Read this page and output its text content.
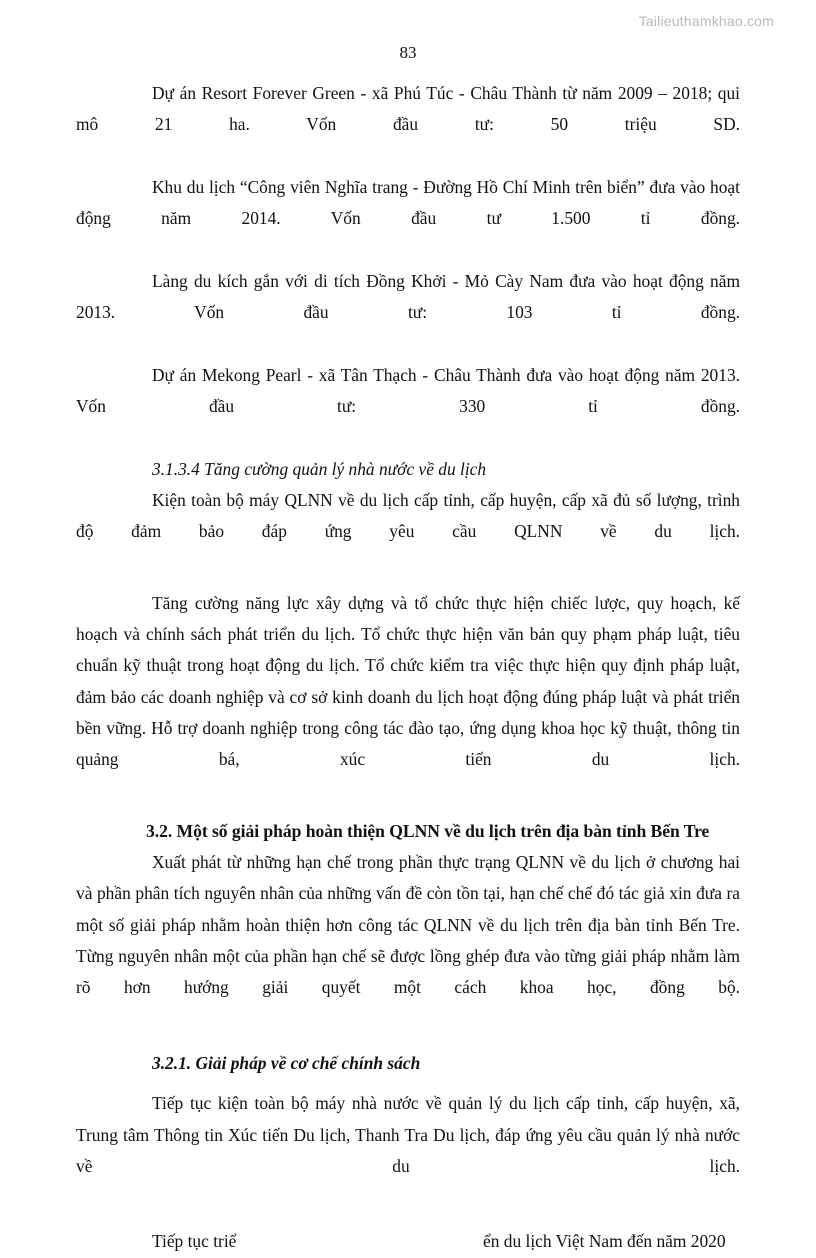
Tailieuthamkhao.com
83

Dự án Resort Forever Green - xã Phú Túc - Châu Thành từ năm 2009 – 2018; qui mô 21 ha. Vốn đầu tư: 50 triệu SD.

Khu du lịch “Công viên Nghĩa trang - Đường Hồ Chí Minh trên biển” đưa vào hoạt động năm 2014. Vốn đầu tư 1.500 tỉ đồng.

Làng du kích gắn với di tích Đồng Khởi - Mỏ Cày Nam đưa vào hoạt động năm 2013. Vốn đầu tư: 103 tỉ đồng.

Dự án Mekong Pearl - xã Tân Thạch - Châu Thành đưa vào hoạt động năm 2013. Vốn đầu tư: 330 tỉ đồng.

3.1.3.4 Tăng cường quản lý nhà nước về du lịch

Kiện toàn bộ máy QLNN về du lịch cấp tỉnh, cấp huyện, cấp xã đủ số lượng, trình độ đảm bảo đáp ứng yêu cầu QLNN về du lịch.

Tăng cường năng lực xây dựng và tổ chức thực hiện chiếc lược, quy hoạch, kế hoạch và chính sách phát triển du lịch. Tổ chức thực hiện văn bản quy phạm pháp luật, tiêu chuẩn kỹ thuật trong hoạt động du lịch. Tổ chức kiểm tra việc thực hiện quy định pháp luật, đảm bảo các doanh nghiệp và cơ sở kinh doanh du lịch hoạt động đúng pháp luật và phát triển bền vững. Hỗ trợ doanh nghiệp trong công tác đào tạo, ứng dụng khoa học kỹ thuật, thông tin quảng bá, xúc tiến du lịch.

3.2. Một số giải pháp hoàn thiện QLNN về du lịch trên địa bàn tỉnh Bến Tre

Xuất phát từ những hạn chế trong phần thực trạng QLNN về du lịch ở chương hai và phần phân tích nguyên nhân của những vấn đề còn tồn tại, hạn chế chế đó tác giả xin đưa ra một số giải pháp nhằm hoàn thiện hơn công tác QLNN về du lịch trên địa bàn tỉnh Bến Tre. Từng nguyên nhân một của phần hạn chế sẽ được lồng ghép đưa vào từng giải pháp nhằm làm rõ hơn hướng giải quyết một cách khoa học, đồng bộ.

3.2.1. Giải pháp về cơ chế chính sách

Tiếp tục kiện toàn bộ máy nhà nước về quản lý du lịch cấp tỉnh, cấp huyện, xã, Trung tâm Thông tin Xúc tiến Du lịch, Thanh Tra Du lịch, đáp ứng yêu cầu quản lý nhà nước về du lịch.

Tiếp tục triể	ển du lịch Việt Nam đến năm 2020
